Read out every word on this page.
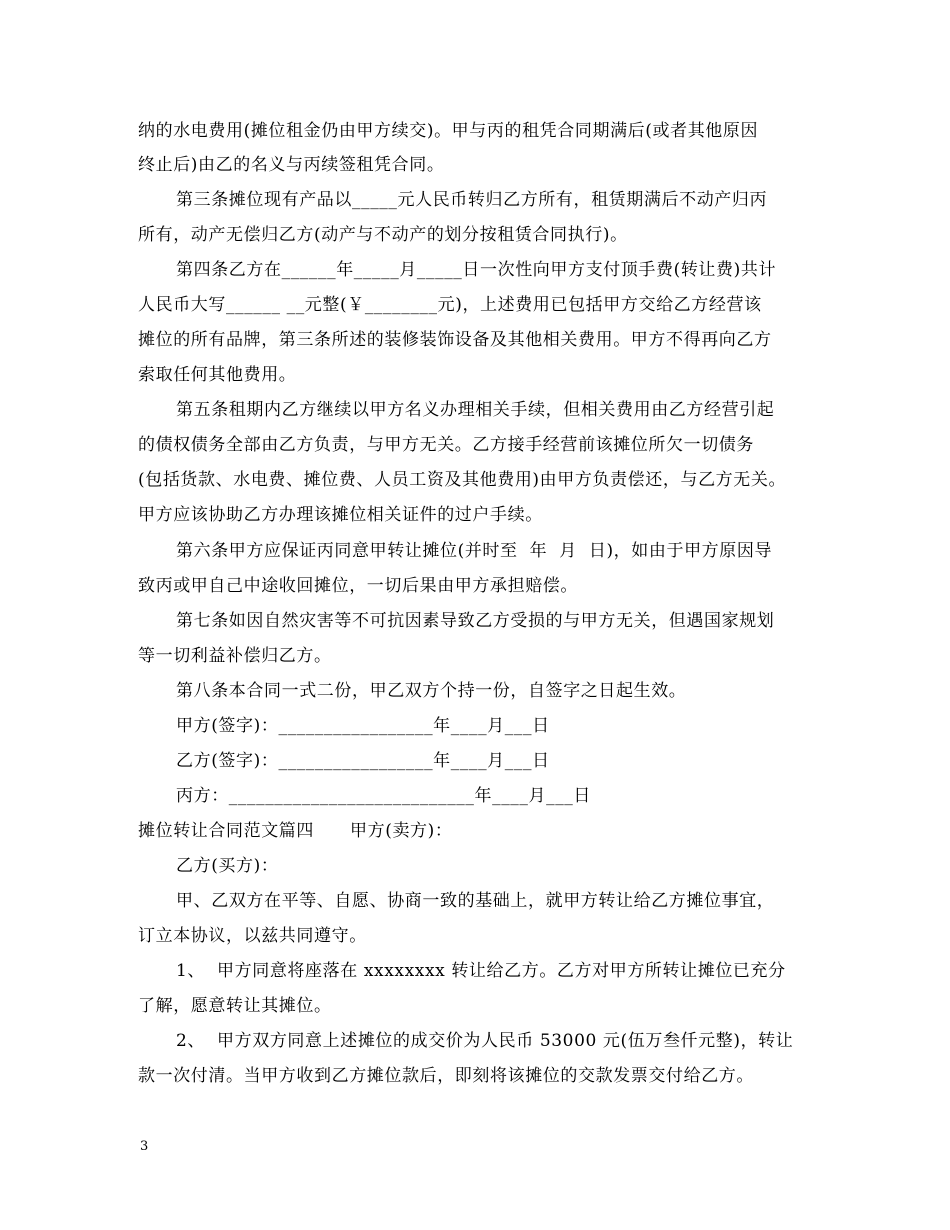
纳的水电费用(摊位租金仍由甲方续交)。甲与丙的租凭合同期满后(或者其他原因
终止后)由乙的名义与丙续签租凭合同。
第三条摊位现有产品以_____元人民币转归乙方所有，租赁期满后不动产归丙
所有，动产无偿归乙方(动产与不动产的划分按租赁合同执行)。
第四条乙方在______年_____月_____日一次性向甲方支付顶手费(转让费)共计
人民币大写______ __元整(￥________元)，上述费用已包括甲方交给乙方经营该
摊位的所有品牌，第三条所述的装修装饰设备及其他相关费用。甲方不得再向乙方
索取任何其他费用。
第五条租期内乙方继续以甲方名义办理相关手续，但相关费用由乙方经营引起
的债权债务全部由乙方负责，与甲方无关。乙方接手经营前该摊位所欠一切债务
(包括货款、水电费、摊位费、人员工资及其他费用)由甲方负责偿还，与乙方无关。
甲方应该协助乙方办理该摊位相关证件的过户手续。
第六条甲方应保证丙同意甲转让摊位(并时至  年  月  日)，如由于甲方原因导
致丙或甲自己中途收回摊位，一切后果由甲方承担赔偿。
第七条如因自然灾害等不可抗因素导致乙方受损的与甲方无关，但遇国家规划
等一切利益补偿归乙方。
第八条本合同一式二份，甲乙双方个持一份，自签字之日起生效。
甲方(签字)：_________________年____月___日
乙方(签字)：_________________年____月___日
丙方：___________________________年____月___日
摊位转让合同范文篇四      甲方(卖方)：
乙方(买方)：
甲、乙双方在平等、自愿、协商一致的基础上，就甲方转让给乙方摊位事宜，
订立本协议，以兹共同遵守。
1、  甲方同意将座落在 xxxxxxxx 转让给乙方。乙方对甲方所转让摊位已充分
了解，愿意转让其摊位。
2、  甲方双方同意上述摊位的成交价为人民币 53000 元(伍万叁仟元整)，转让
款一次付清。当甲方收到乙方摊位款后，即刻将该摊位的交款发票交付给乙方。
3
